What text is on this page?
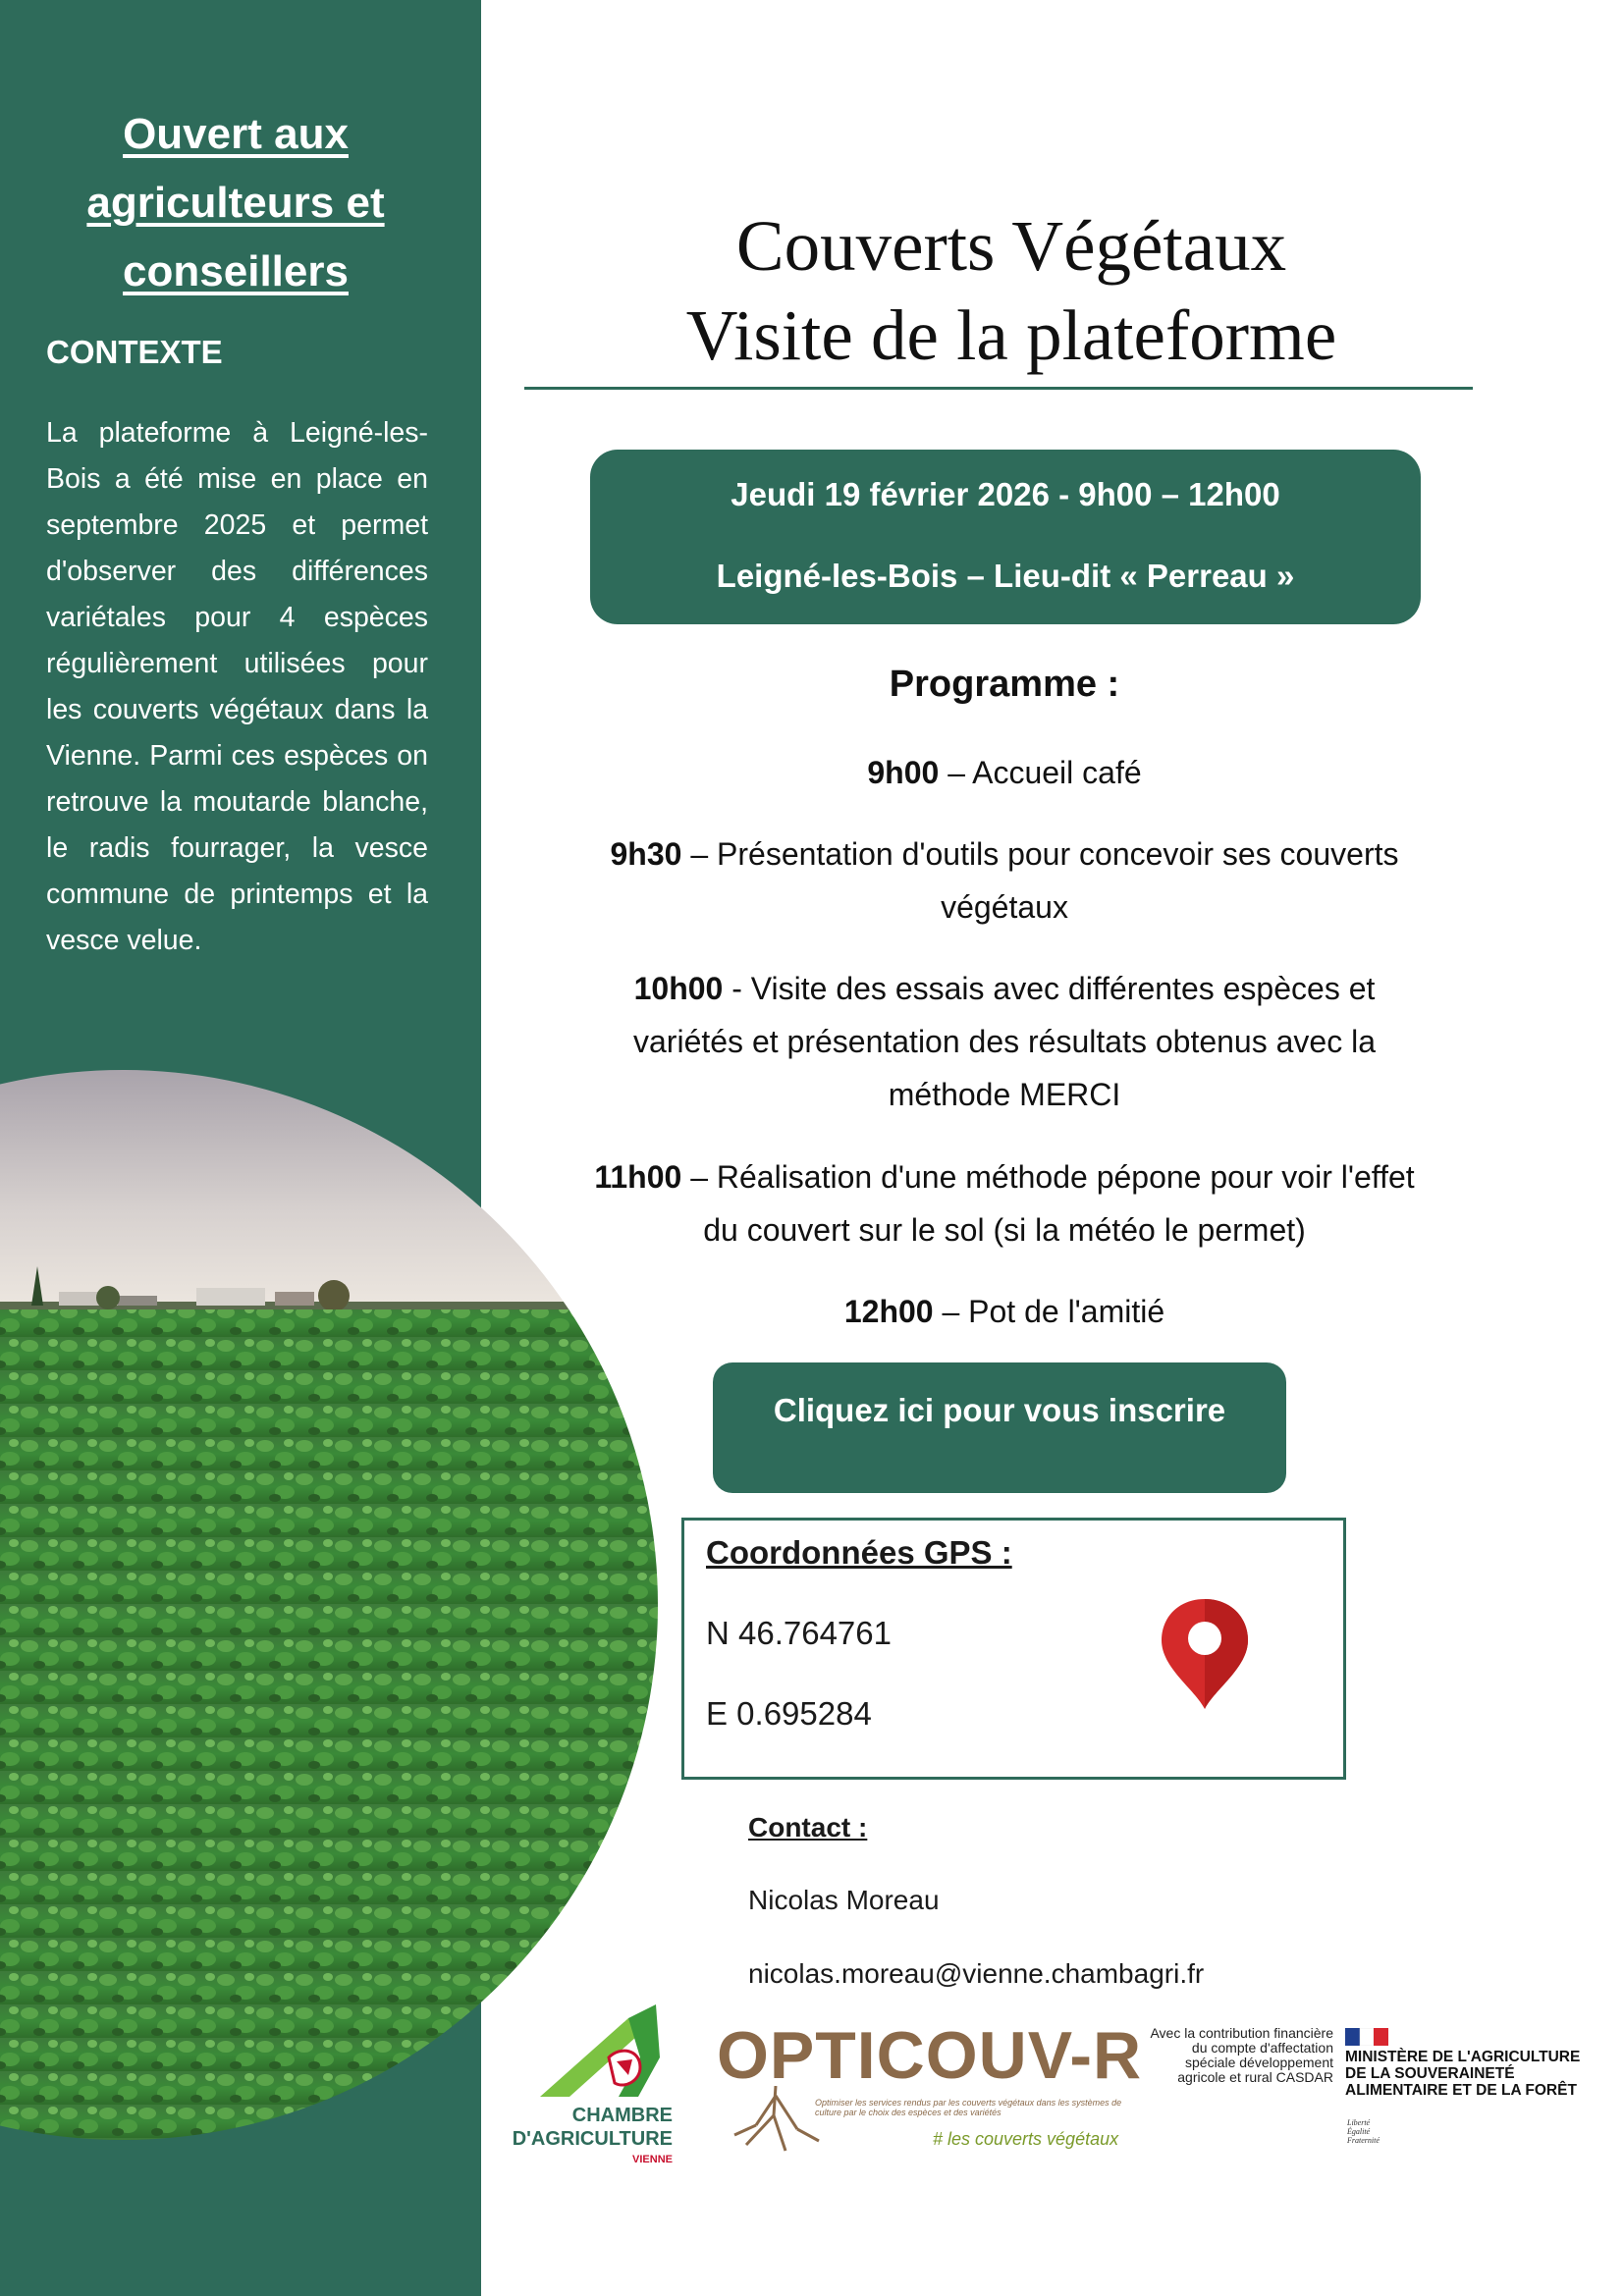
Ouvert aux agriculteurs et conseillers
CONTEXTE
La plateforme à Leigné-les-Bois a été mise en place en septembre 2025 et permet d'observer des différences variétales pour 4 espèces régulièrement utilisées pour les couverts végétaux dans la Vienne. Parmi ces espèces on retrouve la moutarde blanche, le radis fourrager, la vesce commune de printemps et la vesce velue.
Couverts Végétaux
Visite de la plateforme
Jeudi 19 février 2026 - 9h00 – 12h00
Leigné-les-Bois – Lieu-dit « Perreau »
Programme :
9h00 – Accueil café
9h30 – Présentation d'outils pour concevoir ses couverts végétaux
10h00 - Visite des essais avec différentes espèces et variétés et présentation des résultats obtenus avec la méthode MERCI
11h00 – Réalisation d'une méthode pépone pour voir l'effet du couvert sur le sol (si la météo le permet)
12h00 – Pot de l'amitié
Cliquez ici pour vous inscrire
Coordonnées GPS :
N 46.764761
E 0.695284
Contact :
Nicolas Moreau
nicolas.moreau@vienne.chambagri.fr
CHAMBRE
D'AGRICULTURE
VIENNE
OPTICOUV-R
Optimiser les services rendus par les couverts végétaux dans les systèmes de culture par le choix des espèces et des variétés
# les couverts végétaux
Avec la contribution financière du compte d'affectation spéciale développement agricole et rural CASDAR
MINISTÈRE DE L'AGRICULTURE DE LA SOUVERAINETÉ ALIMENTAIRE ET DE LA FORÊT
Liberté Égalité Fraternité
